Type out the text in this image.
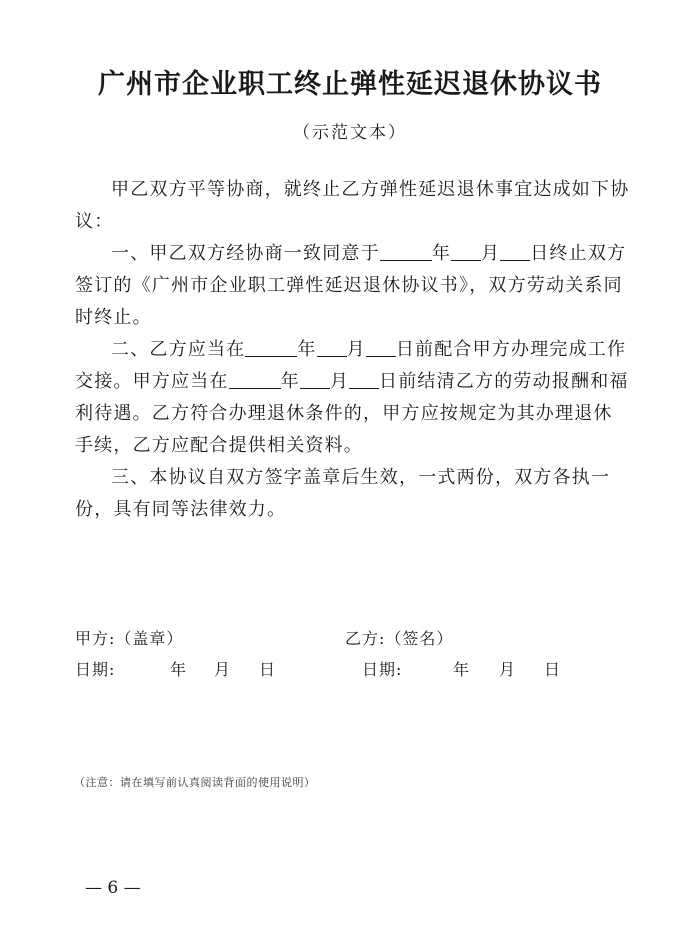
广州市企业职工终止弹性延迟退休协议书
（示范文本）
甲乙双方平等协商，就终止乙方弹性延迟退休事宜达成如下协议：
一、甲乙双方经协商一致同意于	年 月 日终止双方签订的《广州市企业职工弹性延迟退休协议书》，双方劳动关系同时终止。
二、乙方应当在	年 月 日前配合甲方办理完成工作交接。甲方应当在	年 月 日前结清乙方的劳动报酬和福利待遇。乙方符合办理退休条件的，甲方应按规定为其办理退休手续，乙方应配合提供相关资料。
三、本协议自双方签字盖章后生效，一式两份，双方各执一份，具有同等法律效力。
甲方:（盖章）	乙方:（签名）
日期:	年 月 日	日期:	年 月 日
（注意：请在填写前认真阅读背面的使用说明）
— 6 —
